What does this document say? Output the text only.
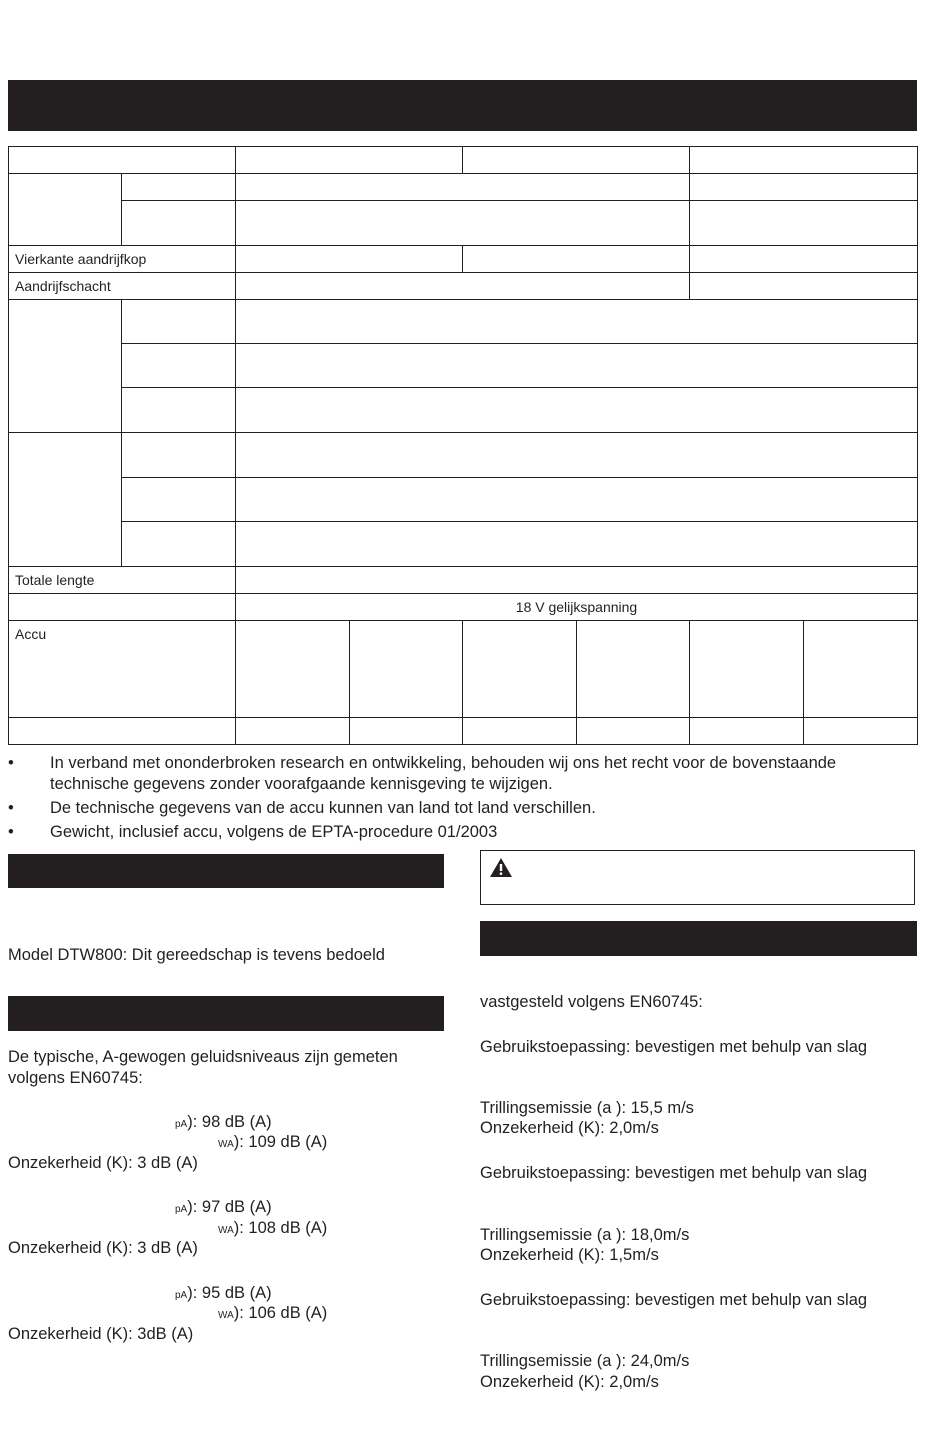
Vierkante aandrijfkop							
Aandrijfschacht							

Totale lengte							
		18 V gelijkspanning					
Accu							

• In verband met ononderbroken research en ontwikkeling, behouden wij ons het recht voor de bovenstaande technische gegevens zonder voorafgaande kennisgeving te wijzigen.
• De technische gegevens van de accu kunnen van land tot land verschillen.
• Gewicht, inclusief accu, volgens de EPTA-procedure 01/2003
Model DTW800: Dit gereedschap is tevens bedoeld
De typische, A-gewogen geluidsniveaus zijn gemeten volgens EN60745:
pA): 98 dB (A)
WA): 109 dB (A)
Onzekerheid (K): 3 dB (A)
pA): 97 dB (A)
WA): 108 dB (A)
Onzekerheid (K): 3 dB (A)
pA): 95 dB (A)
WA): 106 dB (A)
Onzekerheid (K): 3dB (A)
vastgesteld volgens EN60745:
Gebruikstoepassing: bevestigen met behulp van slag
Trillingsemissie (a ): 15,5 m/s
Onzekerheid (K): 2,0m/s
Gebruikstoepassing: bevestigen met behulp van slag
Trillingsemissie (a ): 18,0m/s
Onzekerheid (K): 1,5m/s
Gebruikstoepassing: bevestigen met behulp van slag
Trillingsemissie (a ): 24,0m/s
Onzekerheid (K): 2,0m/s
